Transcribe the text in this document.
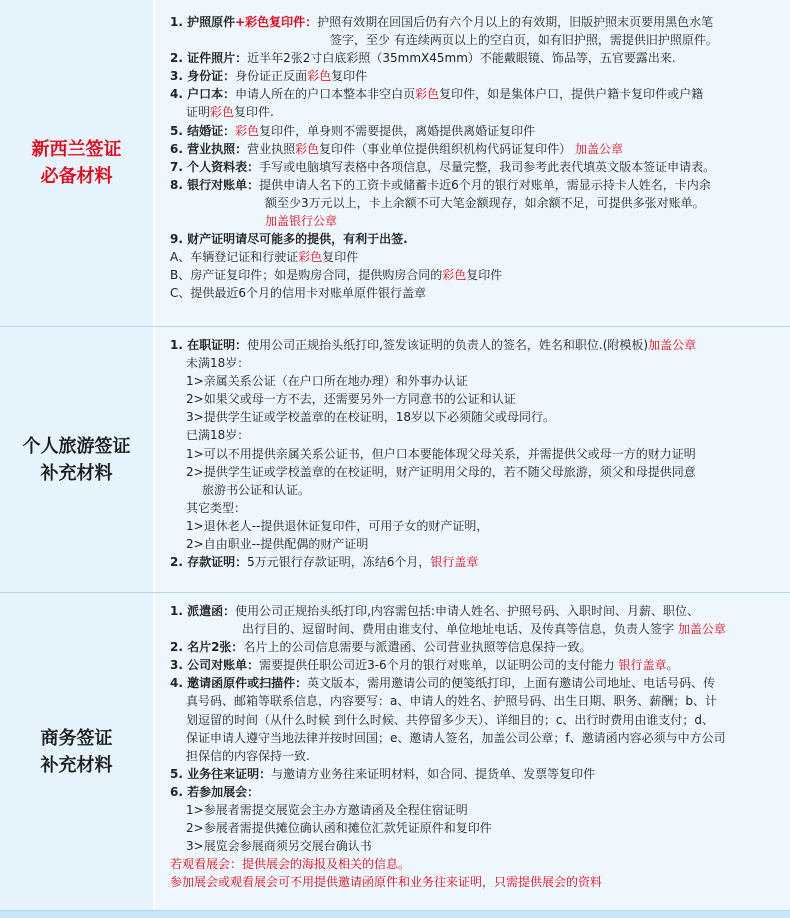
新西兰签证
必备材料
1. 护照原件+彩色复印件：护照有效期在回国后仍有六个月以上的有效期，旧版护照末页要用黑色水笔
签字，至少 有连续两页以上的空白页，如有旧护照，需提供旧护照原件。
2. 证件照片：近半年2张2寸白底彩照（35mmX45mm）不能戴眼镜、饰品等，五官要露出来.
3. 身份证：身份证正反面彩色复印件
4. 户口本：申请人所在的户口本整本非空白页彩色复印件，如是集体户口，提供户籍卡复印件或户籍
证明彩色复印件.
5. 结婚证：彩色复印件，单身则不需要提供，离婚提供离婚证复印件
6. 营业执照：营业执照彩色复印件（事业单位提供组织机构代码证复印件） 加盖公章
7. 个人资料表：手写或电脑填写表格中各项信息，尽量完整，我司参考此表代填英文版本签证申请表。
8. 银行对账单：提供申请人名下的工资卡或储蓄卡近6个月的银行对账单，需显示持卡人姓名，卡内余
额至少3万元以上，卡上余额不可大笔金额现存，如余额不足，可提供多张对账单。
加盖银行公章
9. 财产证明请尽可能多的提供，有利于出签.
A、车辆登记证和行驶证彩色复印件
B、房产证复印件；如是购房合同，提供购房合同的彩色复印件
C、提供最近6个月的信用卡对账单原件银行盖章
个人旅游签证
补充材料
1. 在职证明：使用公司正规抬头纸打印,签发该证明的负责人的签名，姓名和职位.(附模板)加盖公章
未满18岁：
1>亲属关系公证（在户口所在地办理）和外事办认证
2>如果父或母一方不去，还需要另外一方同意书的公证和认证
3>提供学生证或学校盖章的在校证明，18岁以下必须随父或母同行。
已满18岁：
1>可以不用提供亲属关系公证书，但户口本要能体现父母关系，并需提供父或母一方的财力证明
2>提供学生证或学校盖章的在校证明，财产证明用父母的，若不随父母旅游，须父和母提供同意
旅游书公证和认证。
其它类型：
1>退休老人--提供退休证复印件，可用子女的财产证明，
2>自由职业--提供配偶的财产证明
2. 存款证明：5万元银行存款证明，冻结6个月，银行盖章
商务签证
补充材料
1. 派遣函：使用公司正规抬头纸打印,内容需包括:申请人姓名、护照号码、入职时间、月薪、职位、
出行目的、逗留时间、费用由谁支付、单位地址电话、及传真等信息，负责人签字 加盖公章
2. 名片2张：名片上的公司信息需要与派遣函、公司营业执照等信息保持一致。
3. 公司对账单：需要提供任职公司近3-6个月的银行对账单，以证明公司的支付能力 银行盖章。
4. 邀请函原件或扫描件：英文版本，需用邀请公司的便笺纸打印，上面有邀请公司地址、电话号码、传
真号码、邮箱等联系信息，内容要写：a、申请人的姓名、护照号码、出生日期、职务、薪酬；b、计
划逗留的时间（从什么时候 到什么时候、共停留多少天）、详细目的；c、出行时费用由谁支付；d、
保证申请人遵守当地法律并按时回国；e、邀请人签名，加盖公司公章；f、邀请函内容必须与中方公司
担保信的内容保持一致.
5. 业务往来证明：与邀请方业务往来证明材料，如合同、提货单、发票等复印件
6. 若参加展会：
1>参展者需提交展览会主办方邀请函及全程住宿证明
2>参展者需提供摊位确认函和摊位汇款凭证原件和复印件
3>展览会参展商须另交展台确认书
若观看展会：提供展会的海报及相关的信息。
参加展会或观看展会可不用提供邀请函原件和业务往来证明，只需提供展会的资料
